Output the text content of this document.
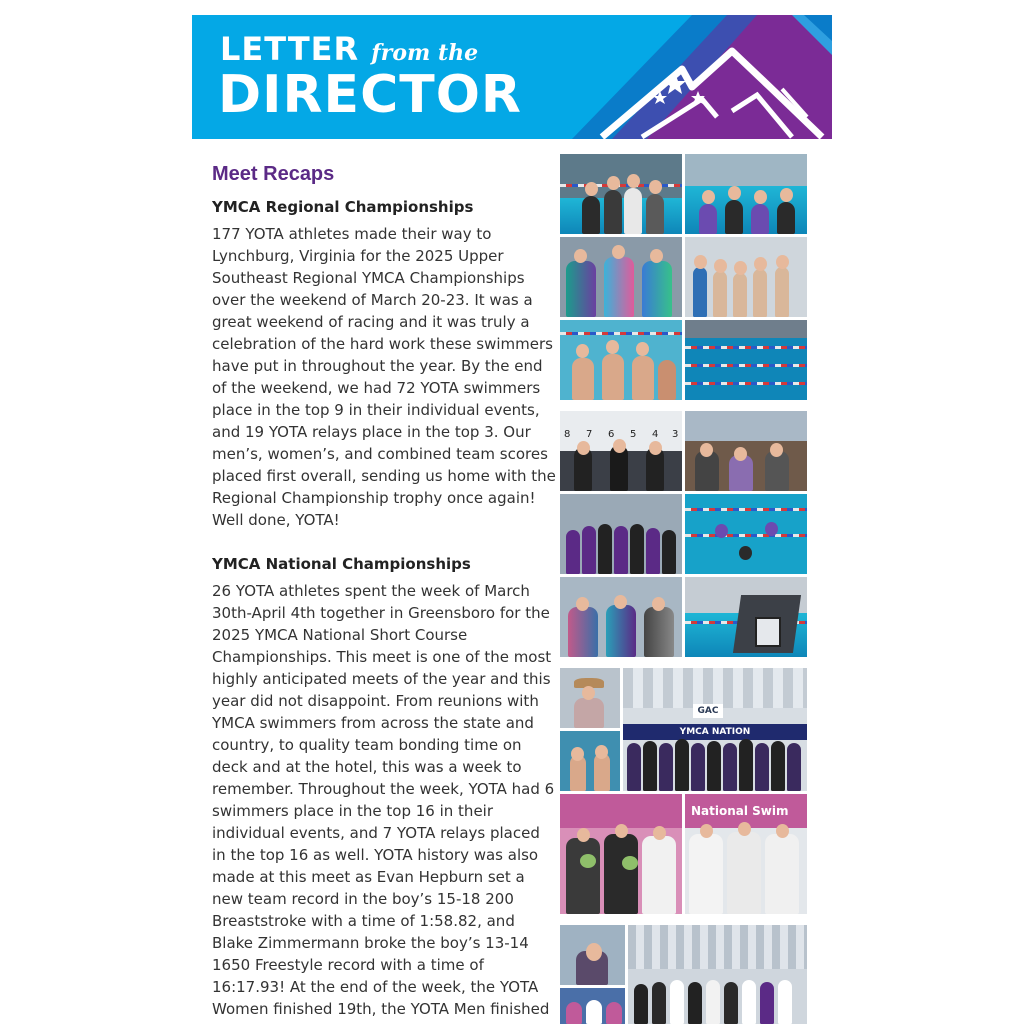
LETTER from the
DIRECTOR
Meet Recaps
YMCA Regional Championships

177 YOTA athletes made their way to Lynchburg, Virginia for the 2025 Upper Southeast Regional YMCA Championships over the weekend of March 20-23. It was a great weekend of racing and it was truly a celebration of the hard work these swimmers have put in throughout the year. By the end of the weekend, we had 72 YOTA swimmers place in the top 9 in their individual events, and 19 YOTA relays place in the top 3. Our men’s, women’s, and combined team scores placed first overall, sending us home with the Regional Championship trophy once again! Well done, YOTA!

YMCA National Championships

26 YOTA athletes spent the week of March 30th-April 4th together in Greensboro for the 2025 YMCA National Short Course Championships. This meet is one of the most highly anticipated meets of the year and this year did not disappoint. From reunions with YMCA swimmers from across the state and country, to quality team bonding time on deck and at the hotel, this was a week to remember. Throughout the week, YOTA had 6 swimmers place in the top 16 in their individual events, and 7 YOTA relays placed in the top 16 as well. YOTA history was also made at this meet as Evan Hepburn set a new team record in the boy’s 15-18 200 Breaststroke with a time of 1:58.82, and Blake Zimmermann broke the boy’s 13-14 1650 Freestyle record with a time of 16:17.93! At the end of the week, the YOTA Women finished 19th, the YOTA Men finished

8 7 6 5 4 3
GAC
YMCA NATION
National Swim
